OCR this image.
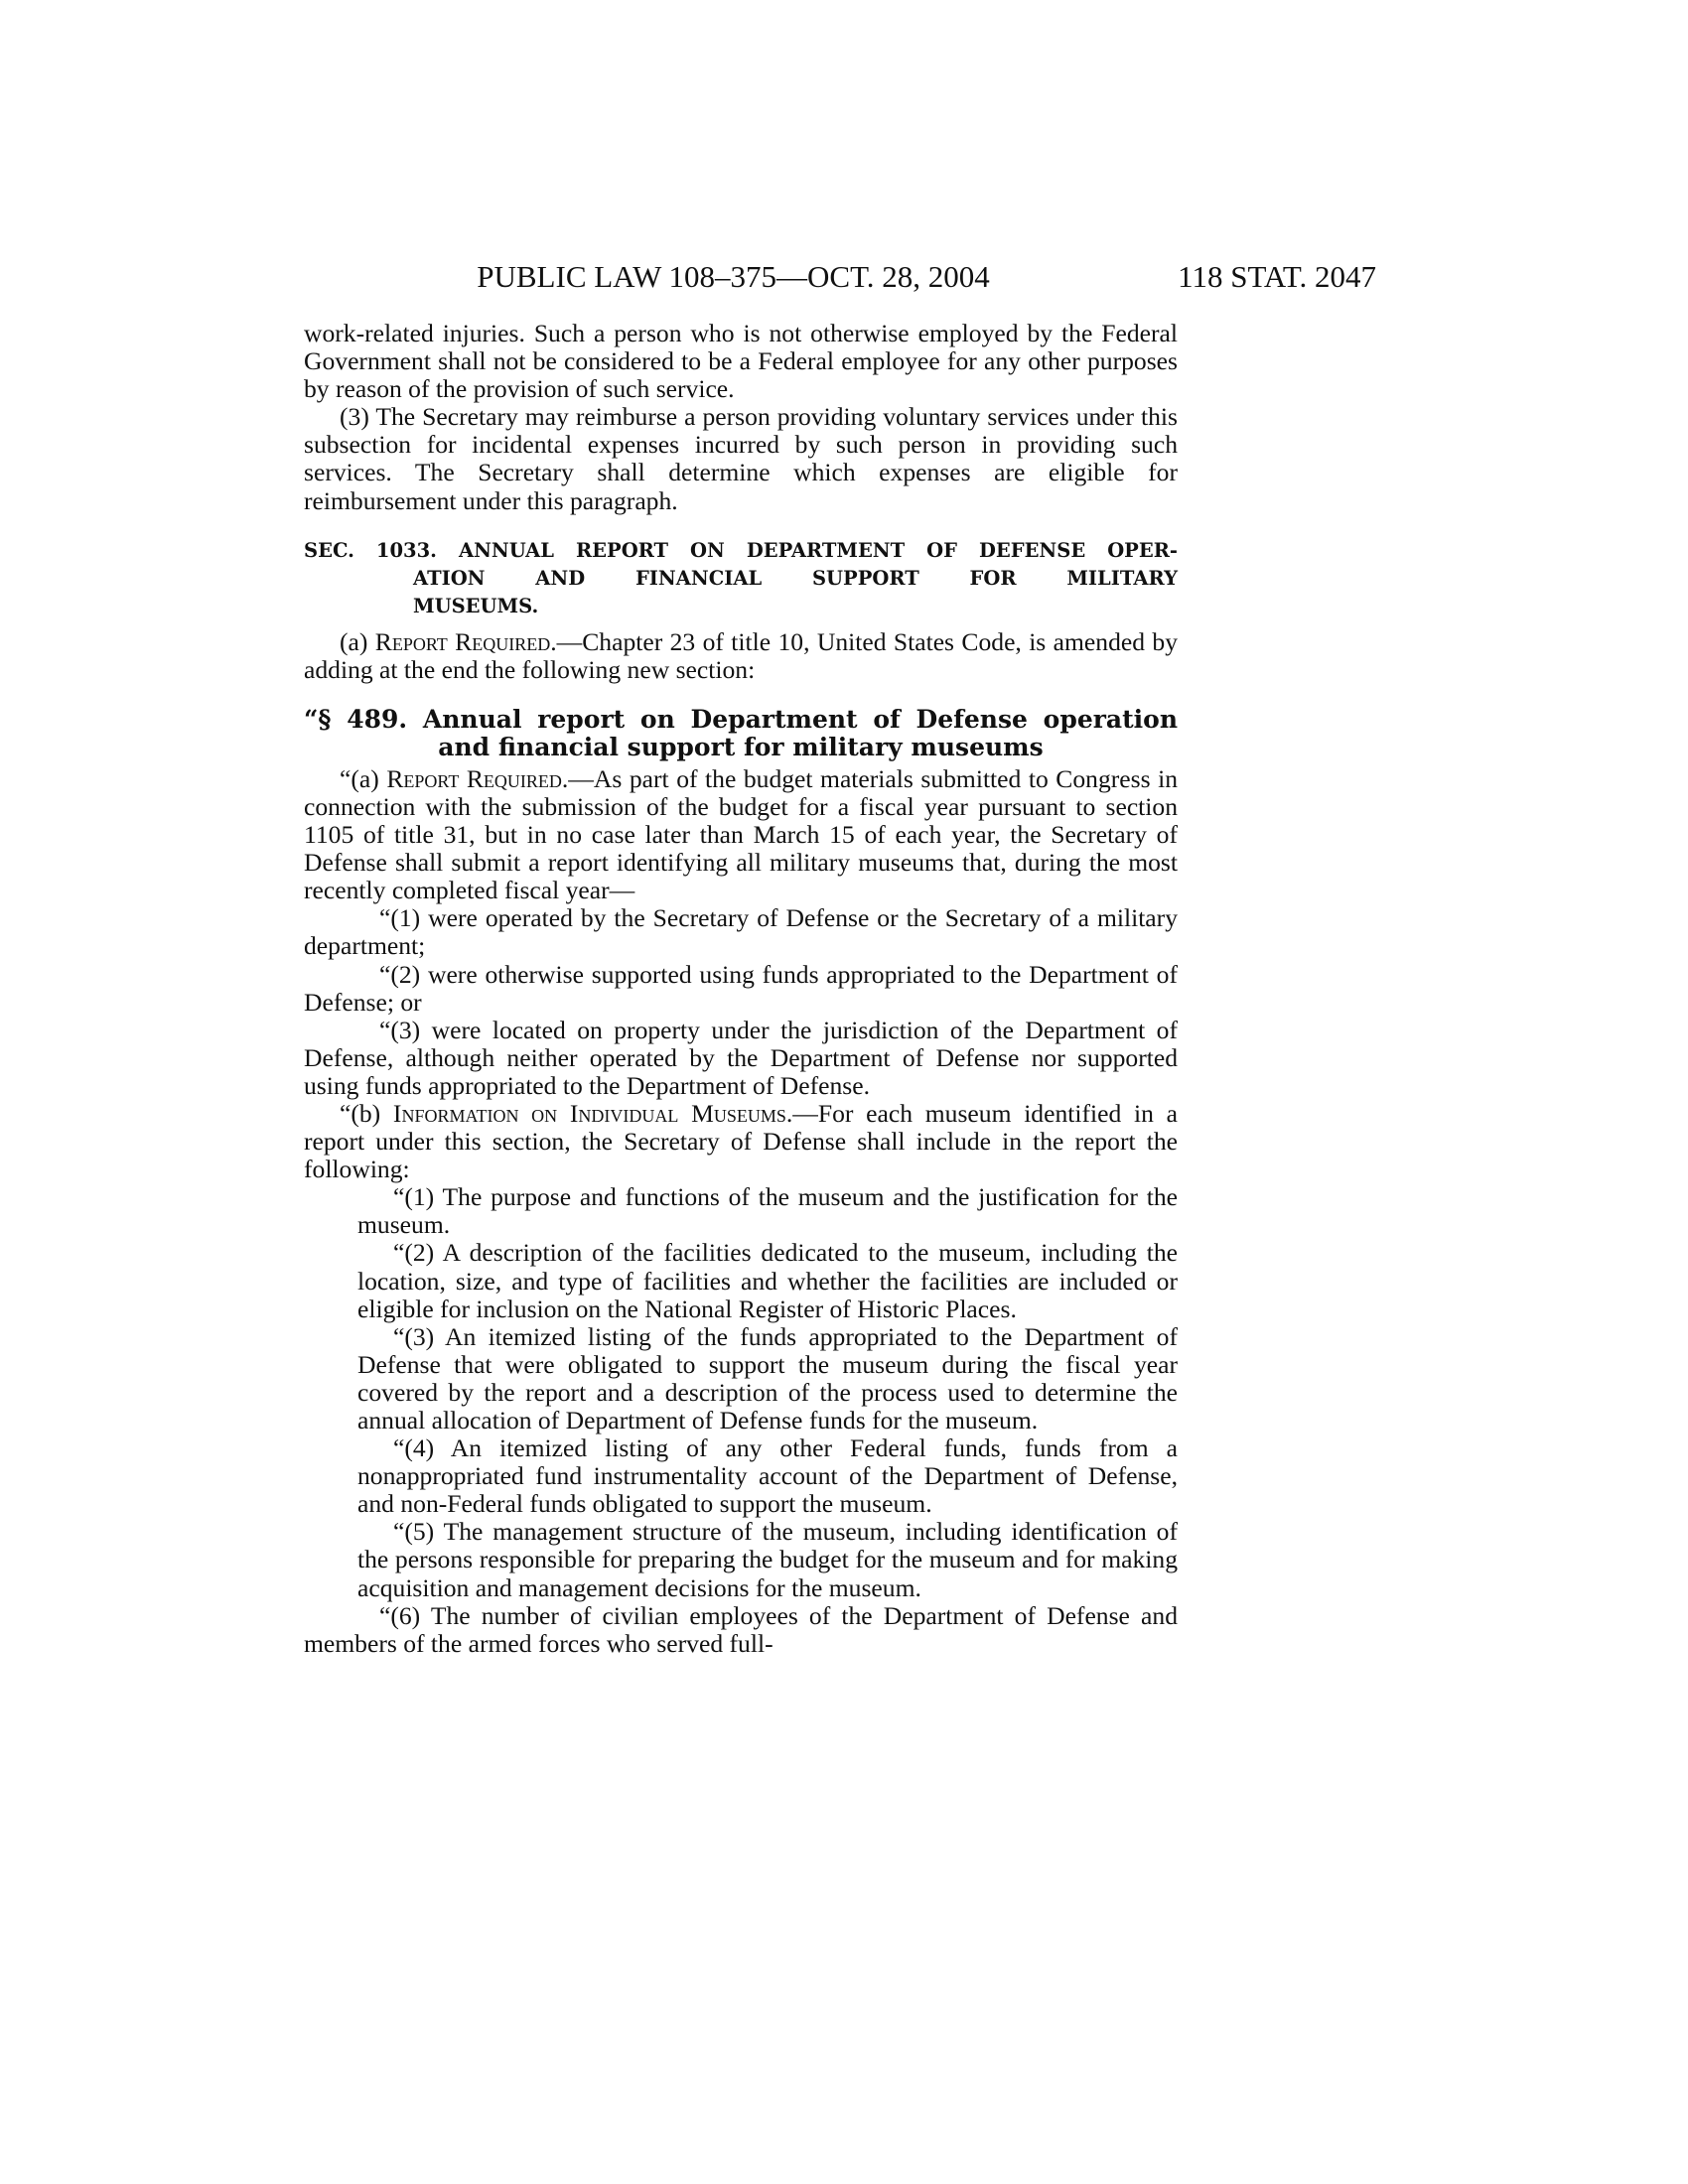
PUBLIC LAW 108–375—OCT. 28, 2004	118 STAT. 2047

work-related injuries. Such a person who is not otherwise employed by the Federal Government shall not be considered to be a Federal employee for any other purposes by reason of the provision of such service.

(3) The Secretary may reimburse a person providing voluntary services under this subsection for incidental expenses incurred by such person in providing such services. The Secretary shall determine which expenses are eligible for reimbursement under this paragraph.

SEC. 1033. ANNUAL REPORT ON DEPARTMENT OF DEFENSE OPER-
ATION AND FINANCIAL SUPPORT FOR MILITARY
MUSEUMS.

(a) Report Required.—Chapter 23 of title 10, United States Code, is amended by adding at the end the following new section:

“§ 489. Annual report on Department of Defense operation
and financial support for military museums

“(a) Report Required.—As part of the budget materials submitted to Congress in connection with the submission of the budget for a fiscal year pursuant to section 1105 of title 31, but in no case later than March 15 of each year, the Secretary of Defense shall submit a report identifying all military museums that, during the most recently completed fiscal year—

“(1) were operated by the Secretary of Defense or the Secretary of a military department;

“(2) were otherwise supported using funds appropriated to the Department of Defense; or

“(3) were located on property under the jurisdiction of the Department of Defense, although neither operated by the Department of Defense nor supported using funds appropriated to the Department of Defense.

“(b) Information on Individual Museums.—For each museum identified in a report under this section, the Secretary of Defense shall include in the report the following:

“(1) The purpose and functions of the museum and the justification for the museum.

“(2) A description of the facilities dedicated to the museum, including the location, size, and type of facilities and whether the facilities are included or eligible for inclusion on the National Register of Historic Places.

“(3) An itemized listing of the funds appropriated to the Department of Defense that were obligated to support the museum during the fiscal year covered by the report and a description of the process used to determine the annual allocation of Department of Defense funds for the museum.

“(4) An itemized listing of any other Federal funds, funds from a nonappropriated fund instrumentality account of the Department of Defense, and non-Federal funds obligated to support the museum.

“(5) The management structure of the museum, including identification of the persons responsible for preparing the budget for the museum and for making acquisition and management decisions for the museum.

“(6) The number of civilian employees of the Department of Defense and members of the armed forces who served full-
